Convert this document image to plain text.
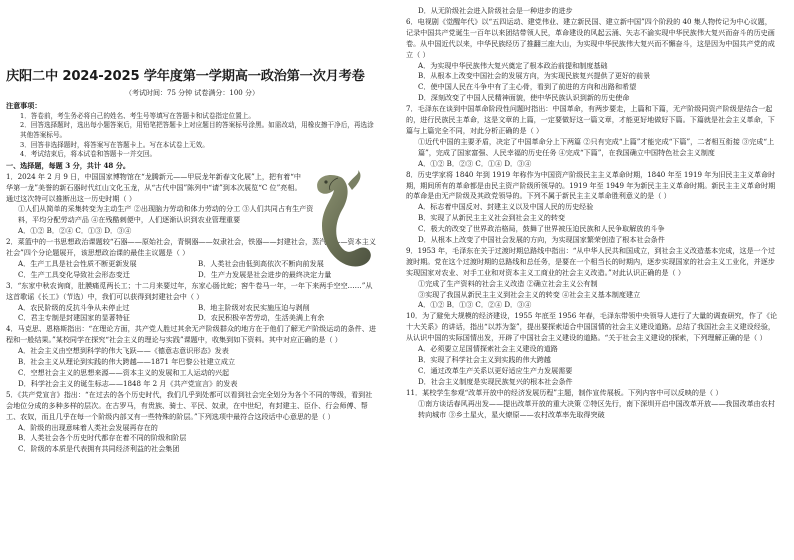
庆阳二中 2024-2025 学年度第一学期高一政治第一次月考卷
（考试时间：75 分钟 试卷满分：100 分）
注意事项：

1．答卷前，考生务必将自己的姓名、考生号等填写在答题卡和试卷指定位置上。

2．回答选择题时，选出每小题答案后，用铅笔把答题卡上对应题目的答案标号涂黑。如需改动，用橡皮擦干净后，再选涂其他答案标号。

3．回答非选择题时，将答案写在答题卡上。写在本试卷上无效。

4．考试结束后，将本试卷和答题卡一并交回。

一、选择题，每题 3 分，共计 48 分。

1．2024 年 2 月 9 日，中国国家博物馆在“龙腾新元——甲辰龙年新春文化展”上，把有着“中华第一龙”美誉的新石器时代红山文化玉龙，从“古代中国”陈列中“请”到本次展览“C 位”亮相。通过这次特可以推断出这一历史时期（ ）

①人们从简单的采集转变为主动生产 ②出现脑力劳动和体力劳动的分工 ③人们共同占有生产资料，平均分配劳动产品 ④在残酷刺便中，人们逐渐认识到农业管理重要

A．①② B．②④ C．①③ D．③④

2．菜篮中的一书思想政治课题较“石器——原始社会，青铜器——奴隶社会，铁器——封建社会，蒸汽机——资本主义社会”四个分论题展开，该思想政治课的最佳主议题是（ ）

A．生产工具是社会性质不断更新发展	B．人类社会由低到高依次不断向前发展
C．生产工具变化导致社会形态变迁	D．生产力发展是社会进步的最终决定力量

3．“东家中秋农询商，肚膜痛觅两长工；十二月来要过年，东家心肠比蛇；窖牛卷马一年，一年下来两手空空……”从这首歌谣《长工》（节选）中，我们可以获得到封建社会中（ ）

A．农民阶级的反抗斗争从未停止过	B．地主阶级对农民实施压迫与剥削
C．君主专制是封建国家的显著特征	D．农民积极辛苦劳动，生活美满上有余

4．马克思、恩格斯指出：“在理论方面，共产党人胜过其余无产阶级群众的地方在于他们了解无产阶级运动的条件、进程和一般结果。”某校同学在探究“社会主义的理论与实践”课题中，收集到如下资料。其中对应正确的是（ ）

A．社会主义由空想到科学的伟大飞跃——《德意志意识形态》发表

B．社会主义从理论到实践的伟大跨越——1871 年巴黎公社建立成立

C．空想社会主义的思想来源——资本主义的发展和工人运动的兴起

D．科学社会主义的诞生标志——1848 年 2 月《共产党宣言》的发表

5．《共产党宣言》指出：“在过去的各个历史时代，我们几乎到处都可以看到社会完全划分为各个不同的等级，看到社会地位分成的多种多样的层次。在古罗马，有贵族、骑士、平民、奴隶，在中世纪，有封建主、臣仆、行会师傅、帮工、农奴，而且几乎在每一个阶级内部又有一些特殊的阶层。”下列选项中最符合这段话中心意思的是（ ）

A．阶级的出现意味着人类社会发展再存在的

B．人类社会各个历史时代都存在着不同的阶级和阶层

C．阶级的本质是代表拥有共同经济利益的社会集团

D．从无阶级社会进入阶级社会是一种进步的进步

6．电视剧《觉醒年代》以“五四运动、建党伟业、建立新民国、建立新中国”四个阶段的 40 集人物传记为中心议题，记录中国共产党诞生一百年以来团结带领人民，革命建设的风起云涌、矢志不渝实现中华民族伟大复兴而奋斗的历史画卷。从中国近代以来，中华民族经历了推翻三座大山，为实现中华民族伟大复兴而不懈奋斗，这是因为中国共产党的成立（ ）

A．为实现中华民族伟大复兴奠定了根本政治前提和制度基础

B．从根本上改变中国社会的发展方向，为实现民族复兴提供了更好的前景

C．使中国人民在斗争中有了主心骨，看到了前进的方向和出路和希望

D．深刻改变了中国人民精神面貌，使中华民族认识到新的历史使命

7．毛泽东在谈到中国革命阶段性问题时指出：中国革命，有两步要走，上篇和下篇，无产阶级同资产阶级是结合一起的，进行民族民主革命，这是文章的上篇，一定要做好这一篇文章，才能更好地做好下篇。下篇就是社会主义革命，下篇与上篇完全不同，对此分析正确的是（ ）

①近代中国的主要矛盾，决定了中国革命分上下两篇 ②只有完成“上篇”才能完成“下篇”，二者相互衔接 ③完成“上篇”，完成了国家富强、人民幸福的历史任务 ④完成“下篇”，在我国确立中国特色社会主义制度

A．①② B．②③ C．①④ D．③④

8．历史学家将 1840 年到 1919 年称作为中国资产阶级民主主义革命时期，1840 年至 1919 年为旧民主主义革命时期，期间所有的革命都是由民主资产阶级所领导的。1919 年至 1949 年为新民主主义革命时期。新民主主义革命时期的革命是由无产阶级及其政党领导的。下列不属于新民主主义革命胜利意义的是（ ）

A．标志着中国反对、封建主义以及中国人民的历史经验

B．实现了从新民主主义社会到社会主义的转变

C．极大的改变了世界政治格局，鼓舞了世界被压迫民族和人民争取解放的斗争

D．从根本上改变了中国社会发展的方向，为实现国家繁荣创造了根本社会条件

9．1953 年，毛泽东在关于过渡时期总路线中指出：“从中华人民共和国成立，到社会主义改造基本完成，这是一个过渡时期。党在这个过渡时期的总路线和总任务，是要在一个相当长的时期内，逐步实现国家的社会主义工业化，并逐步实现国家对农业、对手工业和对资本主义工商业的社会主义改造。”对此认识正确的是（ ）

①完成了生产资料的社会主义改造 ②确立社会主义公有制

③实现了我国从新民主主义到社会主义的转变 ④社会主义基本制度建立

A．①② B．①③ C．②④ D．③④

10．为了避免大规模的经济建设，1955 年底至 1956 年春，毛泽东带领中央领导人进行了大量的调查研究，作了《论十大关系》的讲话，指出“以苏为鉴”，提出要探索适合中国国情的社会主义建设道路。总结了我国社会主义建设经验，从认识中国的实际国情出发，开辟了中国社会主义建设的道路。“关于社会主义建设的探索，下列理解正确的是（ ）

A．必须要立足国情探索社会主义建设的道路

B．实现了科学社会主义到实践的伟大跨越

C．通过改革生产关系以更好适应生产力发展需要

D．社会主义制度是实现民族复兴的根本社会条件

11．某校学生参观“改革开放中的经济发展历程”主题，制作宣传展板。下列内容中可以反映的是（ ）

①南方谈话春风再出发——提出改革开放的重大决策 ②特区先行，南下深圳开启中国改革开放——我国改革由农村转向城市 ③乡土星火，星火燎原——农村改革率先取得突破
